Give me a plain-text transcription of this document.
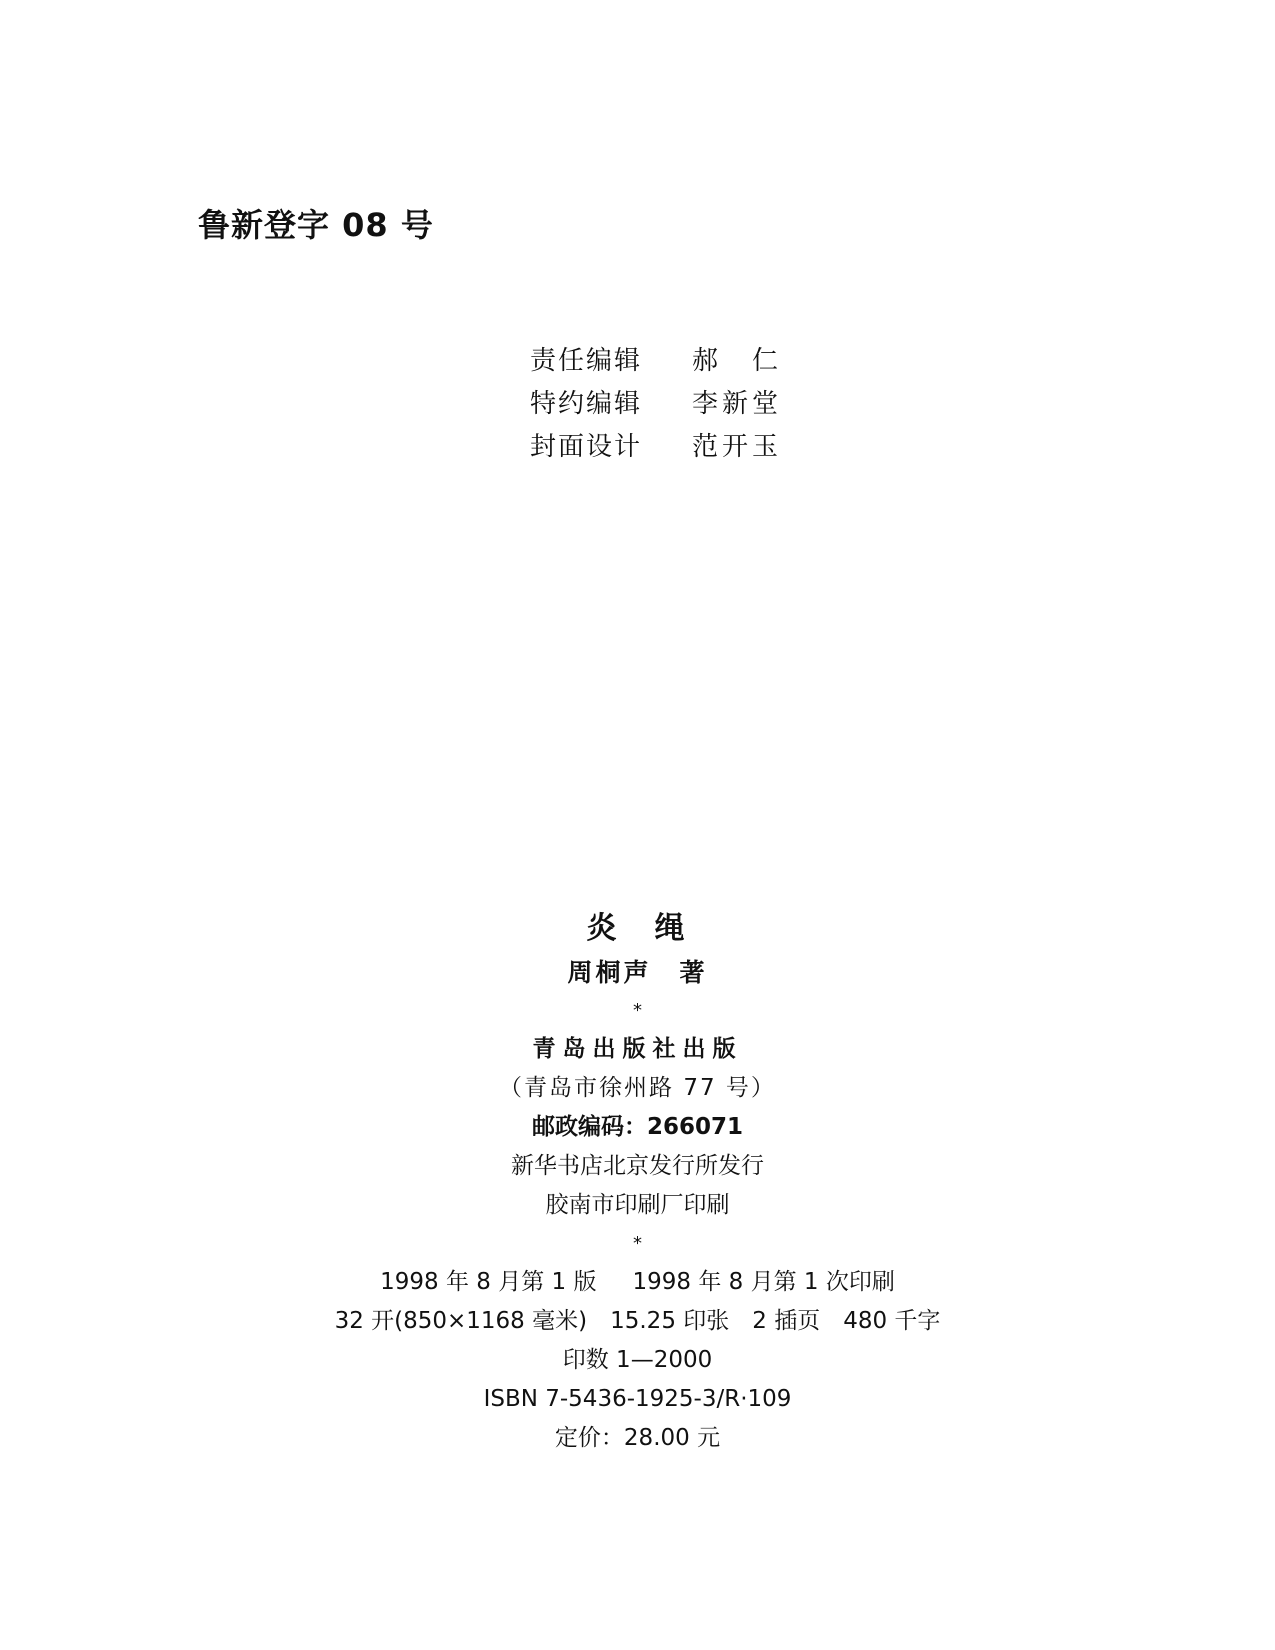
鲁新登字 08 号
责任编辑	郝　仁
特约编辑	李新堂
封面设计	范开玉
炎　绳
周桐声　著
*
青岛出版社出版
（青岛市徐州路 77 号）
邮政编码：266071
新华书店北京发行所发行
胶南市印刷厂印刷
*
1998 年 8 月第 1 版 1998 年 8 月第 1 次印刷
32 开(850×1168 毫米)　15.25 印张　2 插页　480 千字
印数 1—2000
ISBN 7-5436-1925-3/R·109
定价：28.00 元
